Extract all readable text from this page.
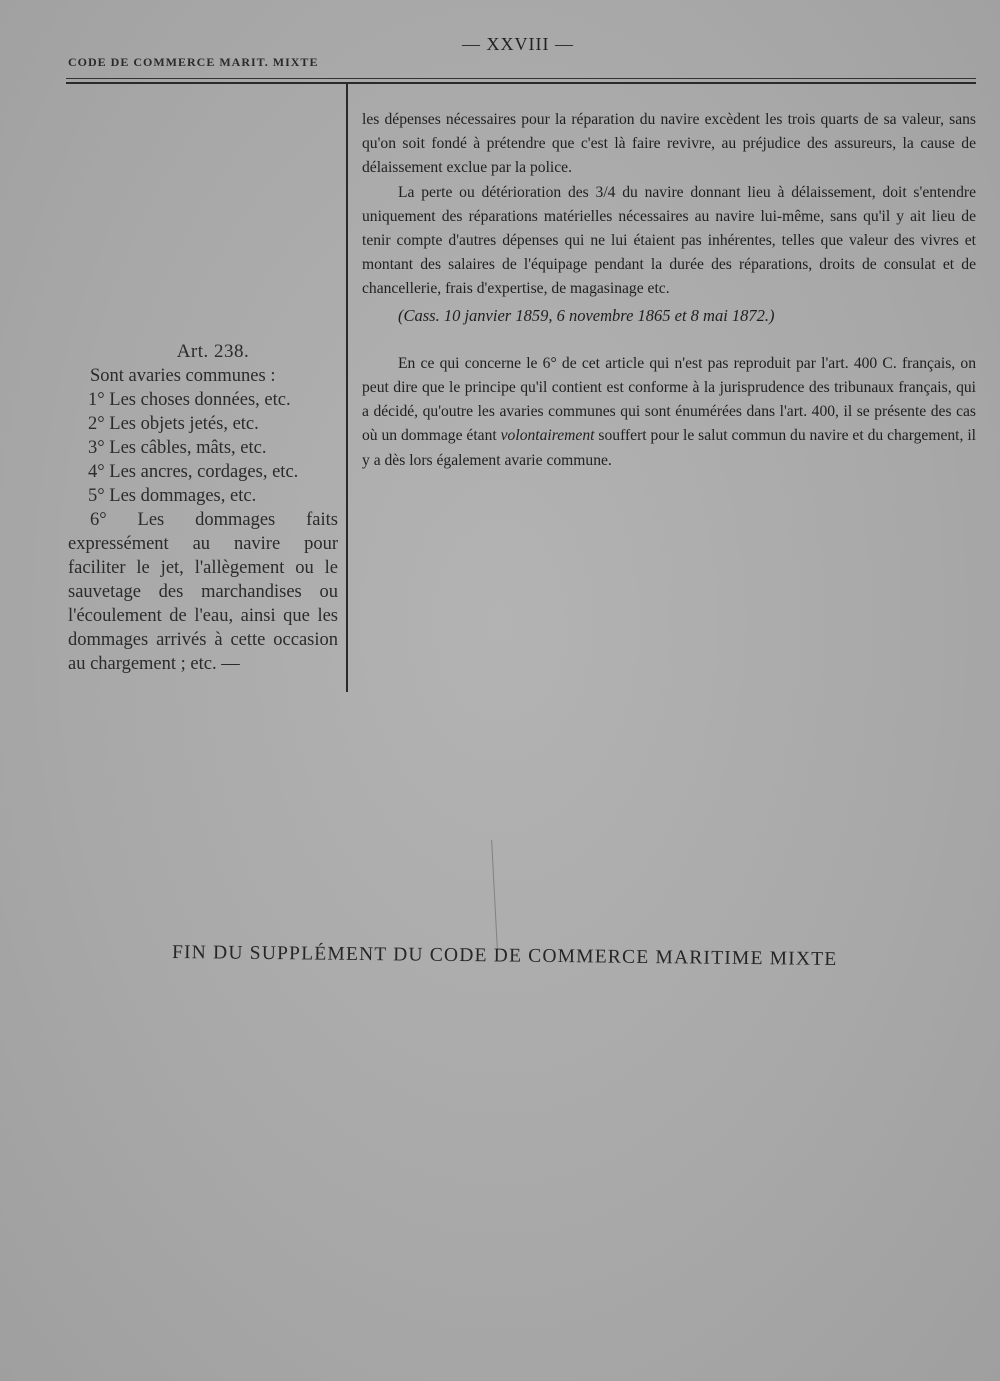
CODE DE COMMERCE MARIT. MIXTE
— XXVIII —

Art. 238.

Sont avaries communes :

1° Les choses données, etc.

2° Les objets jetés, etc.

3° Les câbles, mâts, etc.

4° Les ancres, cordages, etc.

5° Les dommages, etc.

6° Les dommages faits expressément au navire pour faciliter le jet, l'allègement ou le sauvetage des marchandises ou l'écoulement de l'eau, ainsi que les dommages arrivés à cette occasion au chargement ; etc. —

les dépenses nécessaires pour la réparation du navire excèdent les trois quarts de sa valeur, sans qu'on soit fondé à prétendre que c'est là faire revivre, au préjudice des assureurs, la cause de délaissement exclue par la police.

La perte ou détérioration des 3/4 du navire donnant lieu à délaissement, doit s'entendre uniquement des réparations matérielles nécessaires au navire lui-même, sans qu'il y ait lieu de tenir compte d'autres dépenses qui ne lui étaient pas inhérentes, telles que valeur des vivres et montant des salaires de l'équipage pendant la durée des réparations, droits de consulat et de chancellerie, frais d'expertise, de magasinage etc.

(Cass. 10 janvier 1859, 6 novembre 1865 et 8 mai 1872.)

En ce qui concerne le 6° de cet article qui n'est pas reproduit par l'art. 400 C. français, on peut dire que le principe qu'il contient est conforme à la jurisprudence des tribunaux français, qui a décidé, qu'outre les avaries communes qui sont énumérées dans l'art. 400, il se présente des cas où un dommage étant volontairement souffert pour le salut commun du navire et du chargement, il y a dès lors également avarie commune.

FIN DU SUPPLÉMENT DU CODE DE COMMERCE MARITIME MIXTE
